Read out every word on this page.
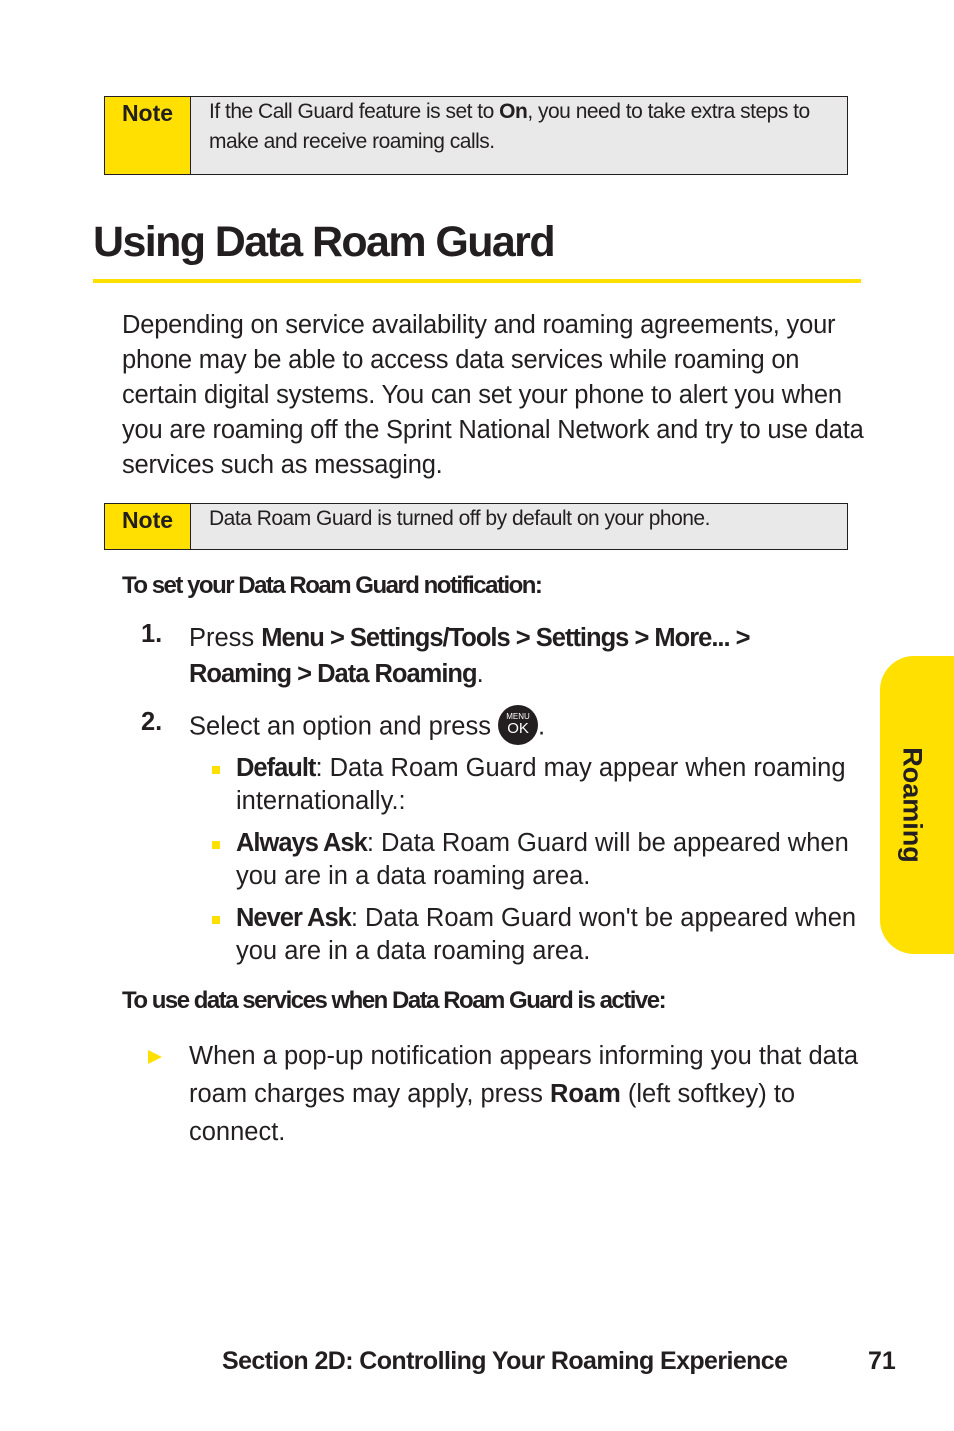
Note	If the Call Guard feature is set to On, you need to take extra steps to make and receive roaming calls.
Using Data Roam Guard

Depending on service availability and roaming agreements, your phone may be able to access data services while roaming on certain digital systems. You can set your phone to alert you when you are roaming off the Sprint National Network and try to use data services such as messaging.

Note	Data Roam Guard is turned off by default on your phone.
To set your Data Roam Guard notification:
1. Press Menu > Settings/Tools > Settings > More... > Roaming > Data Roaming.
2. Select an option and press	MENU
OK .
Default: Data Roam Guard may appear when roaming internationally.:
Always Ask: Data Roam Guard will be appeared when you are in a data roaming area.
Never Ask: Data Roam Guard won't be appeared when you are in a data roaming area.
To use data services when Data Roam Guard is active:
When a pop-up notification appears informing you that data roam charges may apply, press Roam (left softkey) to connect.
Roaming
Section 2D: Controlling Your Roaming Experience	71
